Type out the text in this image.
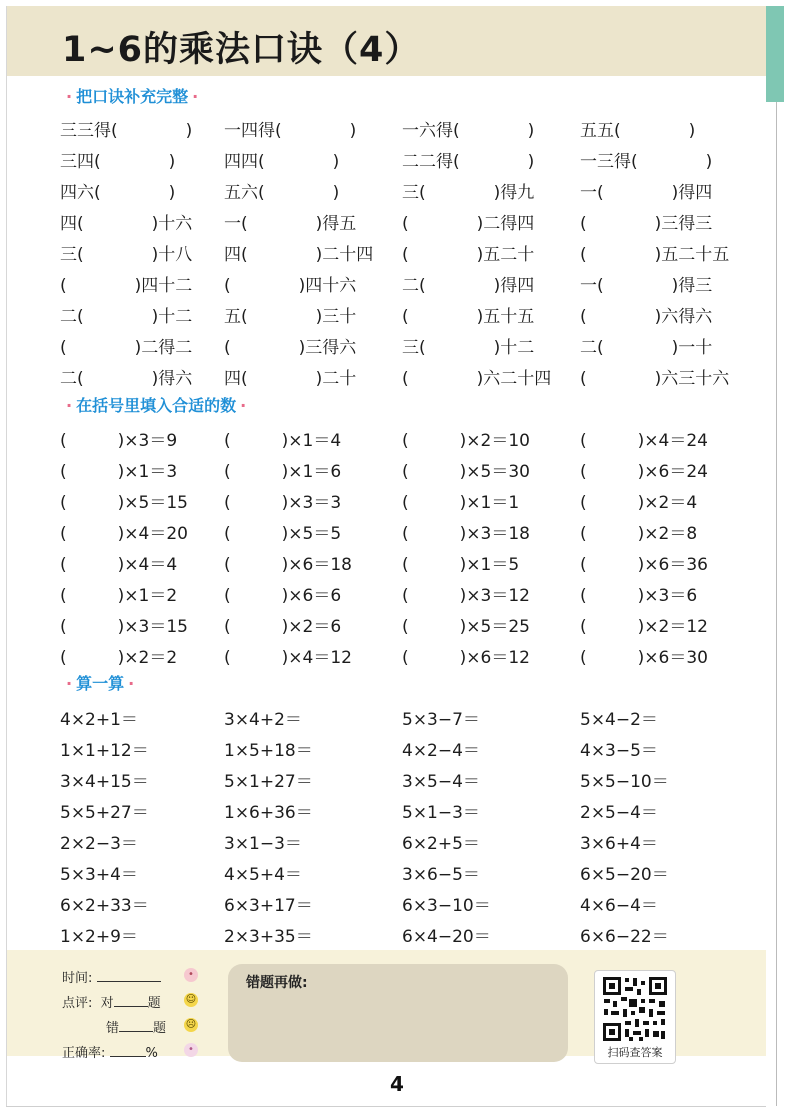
1~6的乘法口诀（4）
· 把口诀补充完整 ·
三三得(　　　　) 一四得(　　　　)	一六得(　　　　)	五五(　　　　)
三四(　　　　)	四四(　　　　)	二二得(　　　　)	一三得(　　　　)
四六(　　　　)	五六(　　　　)	三(　　　　)得九	一(　　　　)得四
四(　　　　)十六 一(　　　　)得五	(　　　　)二得四	(　　　　)三得三
三(　　　　)十八 四(　　　　)二十四 (　　　　)五二十	(　　　　)五二十五
(　　　　)四十二 (　　　　)四十六	二(　　　　)得四	一(　　　　)得三
二(　　　　)十二 五(　　　　)三十	(　　　　)五十五	(　　　　)六得六
(　　　　)二得二 (　　　　)三得六	三(　　　　)十二	二(　　　　)一十
二(　　　　)得六 四(　　　　)二十	(　　　　)六二十四 (　　　　)六三十六
· 在括号里填入合适的数 ·
(　　　)×3＝9	(　　　)×1＝4	(　　　)×2＝10	(　　　)×4＝24
(　　　)×1＝3	(　　　)×1＝6	(　　　)×5＝30	(　　　)×6＝24
(　　　)×5＝15 (　　　)×3＝3	(　　　)×1＝1	(　　　)×2＝4
(　　　)×4＝20 (　　　)×5＝5	(　　　)×3＝18	(　　　)×2＝8
(　　　)×4＝4	(　　　)×6＝18	(　　　)×1＝5	(　　　)×6＝36
(　　　)×1＝2	(　　　)×6＝6	(　　　)×3＝12	(　　　)×3＝6
(　　　)×3＝15 (　　　)×2＝6	(　　　)×5＝25	(　　　)×2＝12
(　　　)×2＝2	(　　　)×4＝12	(　　　)×6＝12	(　　　)×6＝30
· 算一算 ·
4×2+1＝	3×4+2＝	5×3−7＝	5×4−2＝
1×1+12＝	1×5+18＝	4×2−4＝	4×3−5＝
3×4+15＝	5×1+27＝	3×5−4＝	5×5−10＝
5×5+27＝	1×6+36＝	5×1−3＝	2×5−4＝
2×2−3＝	3×1−3＝	6×2+5＝	3×6+4＝
5×3+4＝	4×5+4＝	3×6−5＝	6×5−20＝
6×2+33＝	6×3+17＝	6×3−10＝	4×6−4＝
1×2+9＝	2×3+35＝	6×4−20＝	6×6−22＝
时间:	•
点评: 对	题	☺
错	题 ☹
正确率:	%	•
错题再做:
扫码查答案
4
